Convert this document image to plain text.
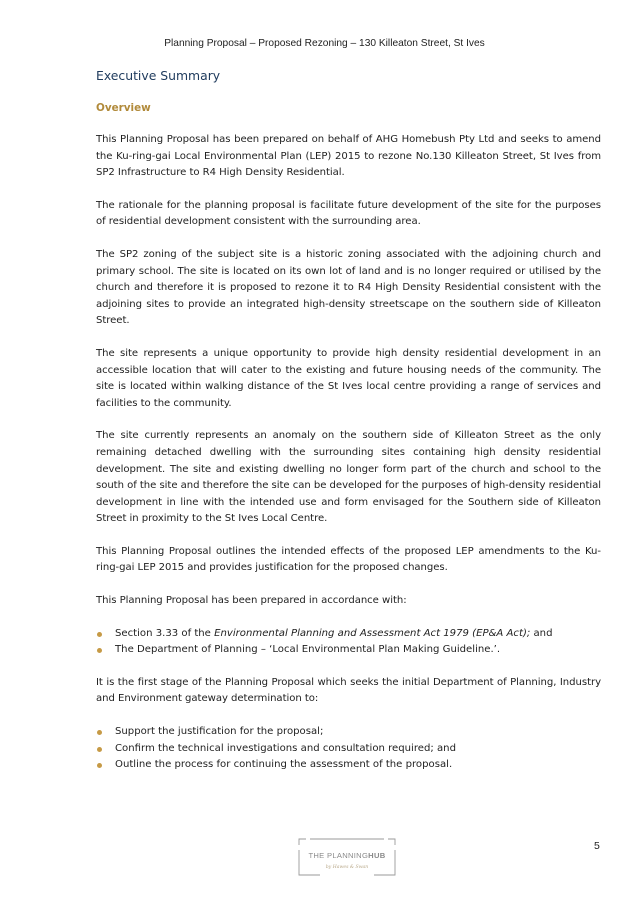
Planning Proposal – Proposed Rezoning – 130 Killeaton Street, St Ives
Executive Summary
Overview

This Planning Proposal has been prepared on behalf of AHG Homebush Pty Ltd and seeks to amend the Ku-ring-gai Local Environmental Plan (LEP) 2015 to rezone No.130 Killeaton Street, St Ives from SP2 Infrastructure to R4 High Density Residential.

The rationale for the planning proposal is facilitate future development of the site for the purposes of residential development consistent with the surrounding area.

The SP2 zoning of the subject site is a historic zoning associated with the adjoining church and primary school. The site is located on its own lot of land and is no longer required or utilised by the church and therefore it is proposed to rezone it to R4 High Density Residential consistent with the adjoining sites to provide an integrated high-density streetscape on the southern side of Killeaton Street.

The site represents a unique opportunity to provide high density residential development in an accessible location that will cater to the existing and future housing needs of the community. The site is located within walking distance of the St Ives local centre providing a range of services and facilities to the community.

The site currently represents an anomaly on the southern side of Killeaton Street as the only remaining detached dwelling with the surrounding sites containing high density residential development. The site and existing dwelling no longer form part of the church and school to the south of the site and therefore the site can be developed for the purposes of high-density residential development in line with the intended use and form envisaged for the Southern side of Killeaton Street in proximity to the St Ives Local Centre.

This Planning Proposal outlines the intended effects of the proposed LEP amendments to the Ku-ring-gai LEP 2015 and provides justification for the proposed changes.

This Planning Proposal has been prepared in accordance with:

Section 3.33 of the Environmental Planning and Assessment Act 1979 (EP&A Act); and
The Department of Planning – ‘Local Environmental Plan Making Guideline.’.

It is the first stage of the Planning Proposal which seeks the initial Department of Planning, Industry and Environment gateway determination to:

Support the justification for the proposal;
Confirm the technical investigations and consultation required; and
Outline the process for continuing the assessment of the proposal.
THE PLANNINGHUB
by Hawes & Swan
5
